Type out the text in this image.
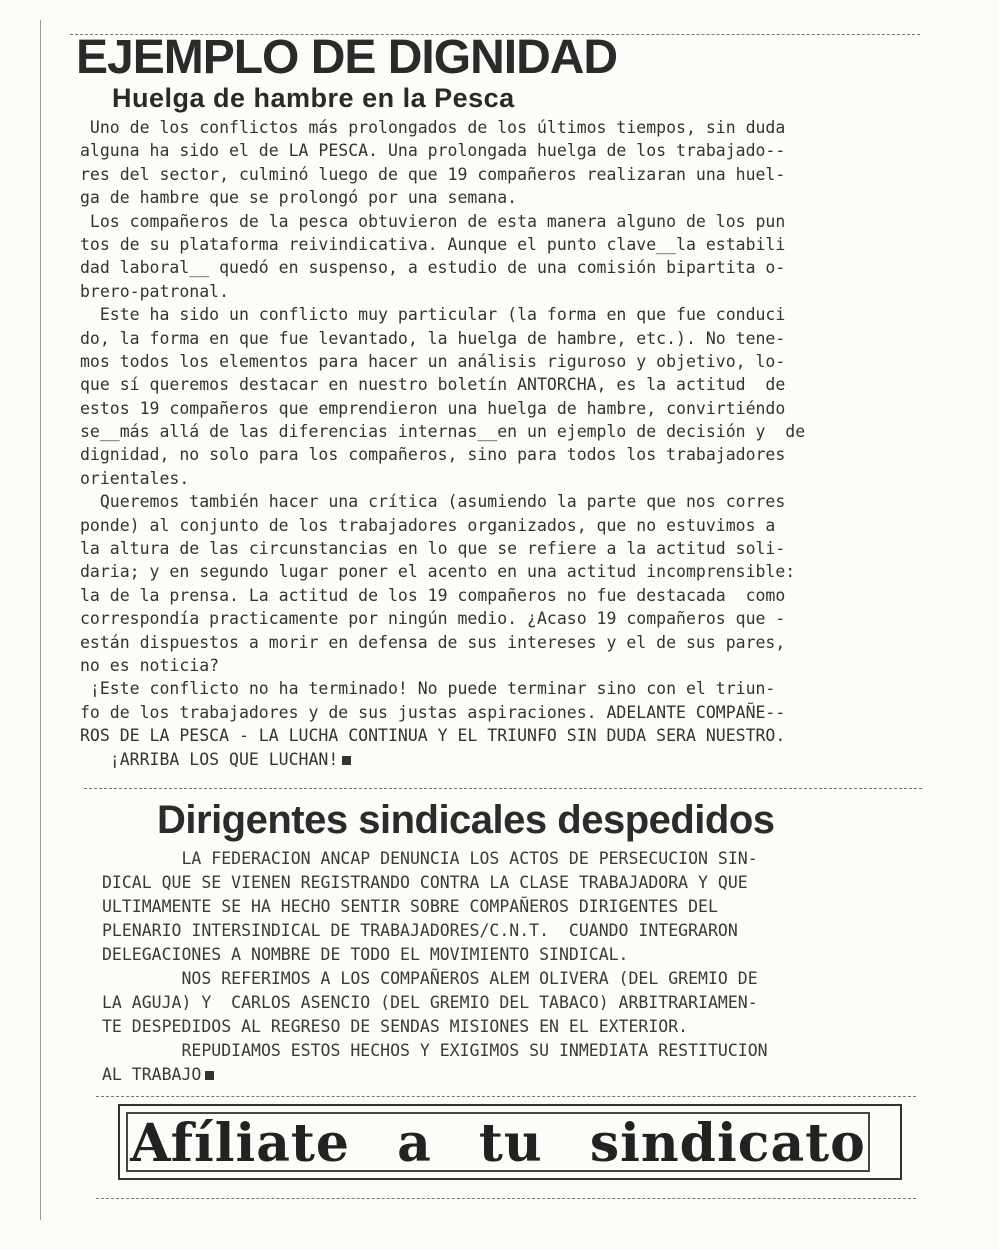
EJEMPLO DE DIGNIDAD
Huelga de hambre en la Pesca
Uno de los conflictos más prolongados de los últimos tiempos, sin duda
alguna ha sido el de LA PESCA. Una prolongada huelga de los trabajado--
res del sector, culminó luego de que 19 compañeros realizaran una huel-
ga de hambre que se prolongó por una semana.
Los compañeros de la pesca obtuvieron de esta manera alguno de los pun
tos de su plataforma reivindicativa. Aunque el punto clave__la estabili
dad laboral__ quedó en suspenso, a estudio de una comisión bipartita o-
brero-patronal.
Este ha sido un conflicto muy particular (la forma en que fue conduci
do, la forma en que fue levantado, la huelga de hambre, etc.). No tene-
mos todos los elementos para hacer un análisis riguroso y objetivo, lo-
que sí queremos destacar en nuestro boletín ANTORCHA, es la actitud  de
estos 19 compañeros que emprendieron una huelga de hambre, convirtiéndo
se__más allá de las diferencias internas__en un ejemplo de decisión y  de
dignidad, no solo para los compañeros, sino para todos los trabajadores
orientales.
Queremos también hacer una crítica (asumiendo la parte que nos corres
ponde) al conjunto de los trabajadores organizados, que no estuvimos a
la altura de las circunstancias en lo que se refiere a la actitud soli-
daria; y en segundo lugar poner el acento en una actitud incomprensible:
la de la prensa. La actitud de los 19 compañeros no fue destacada  como
correspondía practicamente por ningún medio. ¿Acaso 19 compañeros que -
están dispuestos a morir en defensa de sus intereses y el de sus pares,
no es noticia?
¡Este conflicto no ha terminado! No puede terminar sino con el triun-
fo de los trabajadores y de sus justas aspiraciones. ADELANTE COMPAÑE--
ROS DE LA PESCA - LA LUCHA CONTINUA Y EL TRIUNFO SIN DUDA SERA NUESTRO.
¡ARRIBA LOS QUE LUCHAN!
Dirigentes sindicales despedidos
LA FEDERACION ANCAP DENUNCIA LOS ACTOS DE PERSECUCION SIN-
DICAL QUE SE VIENEN REGISTRANDO CONTRA LA CLASE TRABAJADORA Y QUE
ULTIMAMENTE SE HA HECHO SENTIR SOBRE COMPAÑEROS DIRIGENTES DEL
PLENARIO INTERSINDICAL DE TRABAJADORES/C.N.T.  CUANDO INTEGRARON
DELEGACIONES A NOMBRE DE TODO EL MOVIMIENTO SINDICAL.
NOS REFERIMOS A LOS COMPAÑEROS ALEM OLIVERA (DEL GREMIO DE
LA AGUJA) Y  CARLOS ASENCIO (DEL GREMIO DEL TABACO) ARBITRARIAMEN-
TE DESPEDIDOS AL REGRESO DE SENDAS MISIONES EN EL EXTERIOR.
REPUDIAMOS ESTOS HECHOS Y EXIGIMOS SU INMEDIATA RESTITUCION
AL TRABAJO
Afíliate a tu sindicato
